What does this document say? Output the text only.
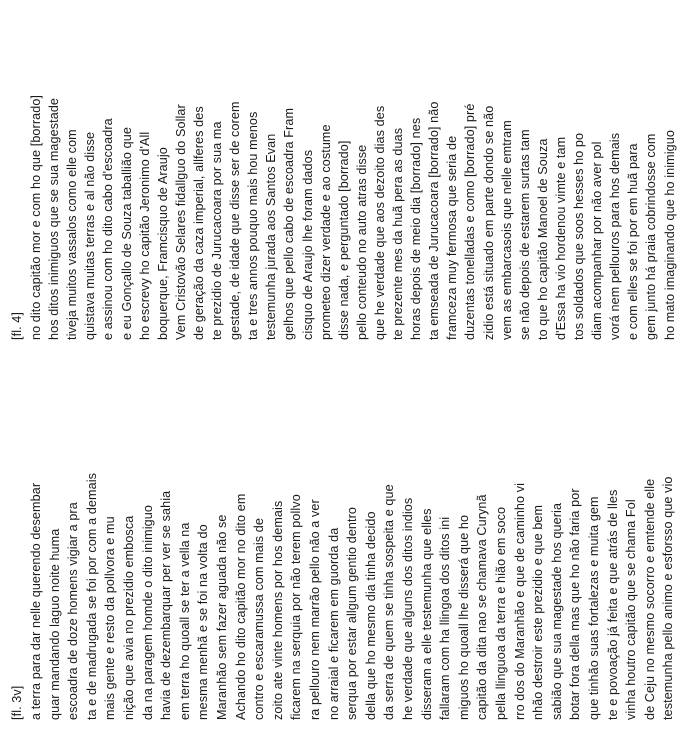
[fl. 3v] a terra para dar nelle querendo desembar quar mandando laguo noite huma escoadra de doze homens vigiar a pra ta e de madrugada se foi por com a demais mais gente e resto da pollvora e mu nição que avia no prezidio embosca da na paragem homde o dito inimiguo havia de dezembarquar per ver se sahia em terra ho quoall se ter a vella na mesma menhã e se foi na volta do Maranhão sem fazer aguada não se Achando ho dito capitão mor no dito em contro e escaramussa com mais de zoito ate vinte homens por hos demais ficarem na serquia por não terem pollvo ra pellouro nem marrão pello não a ver no arraial e ficarem em guorda da serqua por estar allgum gentio dentro della que ho mesmo dia tinha decido da serra de quem se tinha sospeita e que he verdade que alguns dos ditos indios disseram a elle testemunha que elles fallaram com ha llingoa dos ditos ini miguos ho quoall lhe disserá que ho capitão da dita nao se chamava Curynã pella llinguoa da terra e hião em soco rro dos do Maranhão e que de caminho vi nhão destroir este prezidio e que bem sabião que sua magestade hos queria botar fora della mas que ho não faria por que tinhão suas fortalezas e muita gem te e povoação já feita e que atrás de lles vinha houtro capitão que se chama Fol de Ceju no mesmo socorro e emtende elle testemunha pello animo e esforsso que vio
[fl. 4] no dito capitão mor e com ho que [borrado] hos ditos inimiguos que se sua magestade tiveja muitos vassalos como elle com quistava muitas terras e al não disse e assinou com ho dito cabo d'escoadra e eu Gonçallo de Souza taballião que ho escrevy ho capitão Jeronimo d'All boquerque, Framcisquo de Araujo Vem Cristovão Selares fidallguo do Sollar de geração da caza imperial, allferes des te prezidio de Jurucacoara por sua ma gestade, de idade que disse ser de corem ta e tres annos pouquo mais hou menos testemunha jurada aos Santos Evan gelhos que pello cabo de escoadra Fram cisquo de Araujo lhe foram dados prometeo dizer verdade e ao costume disse nada, e perguntado [borrado] pello conteudo no auto atras disse que he verdade que aos dezoito dias des te prezente mes da huã pera as duas horas depois de meio dia [borrado] nes ta emseada de Jurucacoara [borrado] não framceza muy fermosa que seria de duzentas tonelladas e como [borrado] pré zidio está situado em parte dondo se não vem as embarcasois que nelle emtram se não depois de estarem surtas tam to que ho capitão Manoel de Souza d'Essa ha vio hordenou vimte e tam tos soldados que soos hesses ho po diam acompanhar por não aver pol vorá nem pellouros para hos demais e com elles se foi por em huã para gem junto há praia cobrindosse com ho mato imaginando que ho inimiguo
